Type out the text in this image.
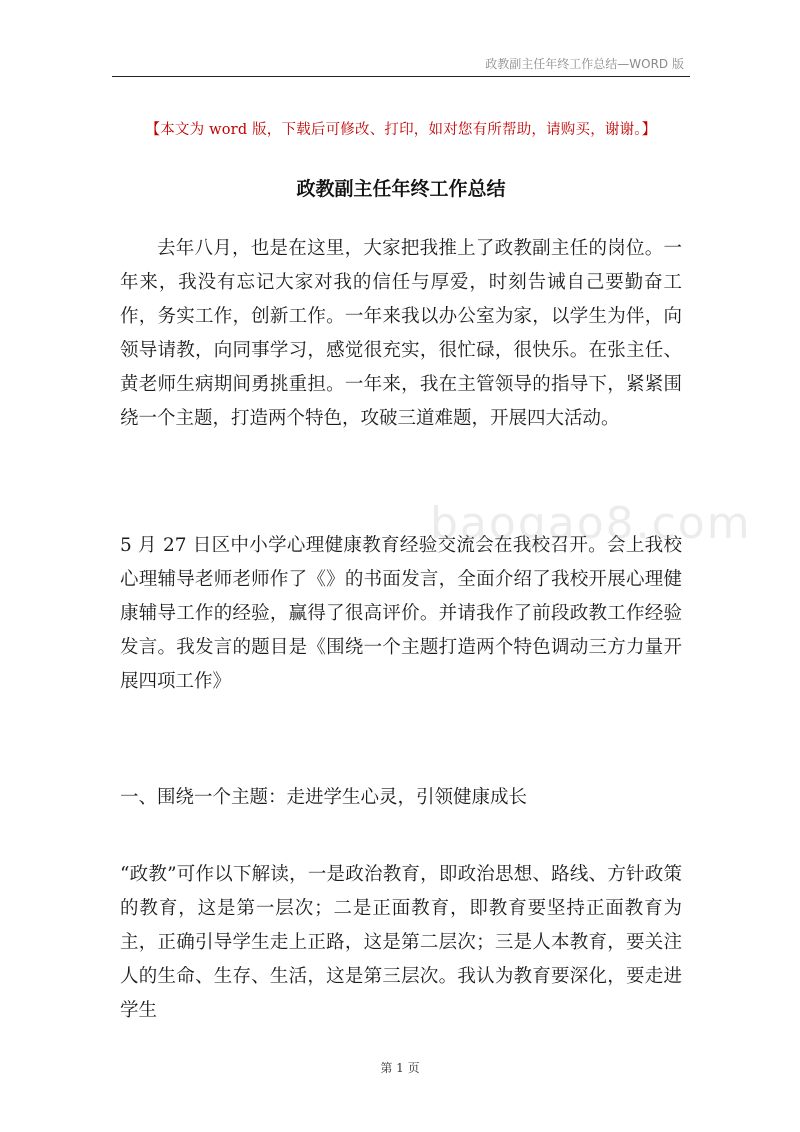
政教副主任年终工作总结—WORD 版
【本文为 word 版，下载后可修改、打印，如对您有所帮助，请购买，谢谢。】
政教副主任年终工作总结

去年八月，也是在这里，大家把我推上了政教副主任的岗位。一年来，我没有忘记大家对我的信任与厚爱，时刻告诫自己要勤奋工作，务实工作，创新工作。一年来我以办公室为家，以学生为伴，向领导请教，向同事学习，感觉很充实，很忙碌，很快乐。在张主任、黄老师生病期间勇挑重担。一年来，我在主管领导的指导下，紧紧围绕一个主题，打造两个特色，攻破三道难题，开展四大活动。

5 月 27 日区中小学心理健康教育经验交流会在我校召开。会上我校心理辅导老师老师作了《》的书面发言，全面介绍了我校开展心理健康辅导工作的经验，赢得了很高评价。并请我作了前段政教工作经验发言。我发言的题目是《围绕一个主题打造两个特色调动三方力量开展四项工作》

baogao8.com

一、围绕一个主题：走进学生心灵，引领健康成长

“政教”可作以下解读，一是政治教育，即政治思想、路线、方针政策的教育，这是第一层次；二是正面教育，即教育要坚持正面教育为主，正确引导学生走上正路，这是第二层次；三是人本教育，要关注人的生命、生存、生活，这是第三层次。我认为教育要深化，要走进学生

第 1 页
